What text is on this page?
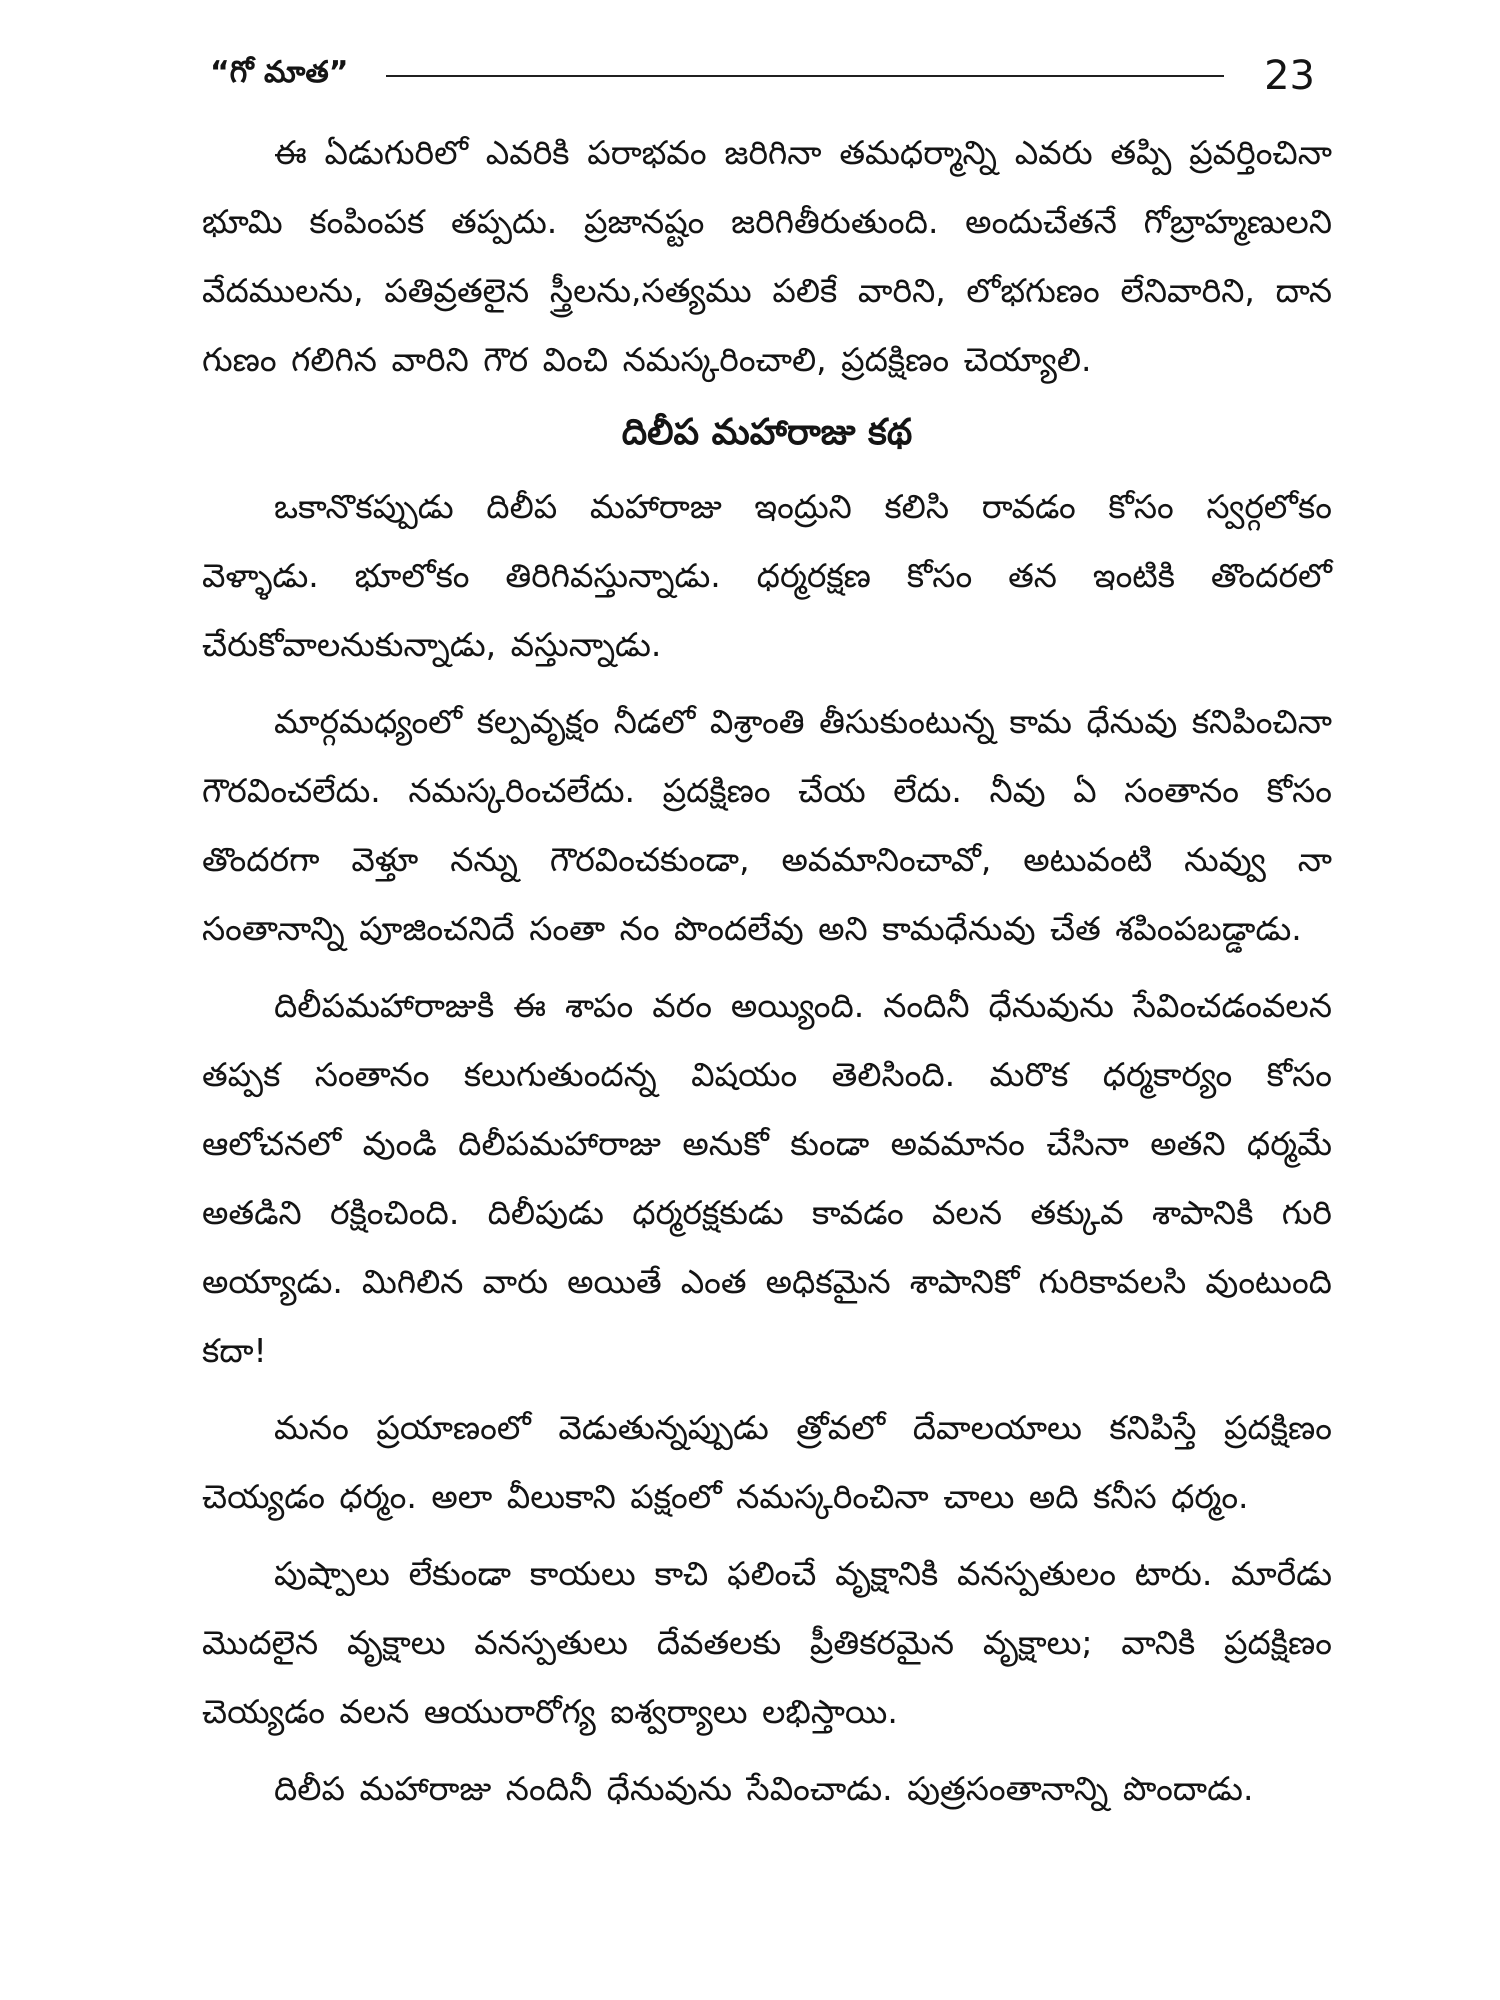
“గో మాత”	23

ఈ ఏడుగురిలో ఎవరికి పరాభవం జరిగినా తమధర్మాన్ని ఎవరు తప్పి ప్రవర్తించినా భూమి కంపింపక తప్పదు. ప్రజానష్టం జరిగితీరుతుంది. అందుచేతనే గోబ్రాహ్మణులని వేదములను, పతివ్రతలైన స్త్రీలను,సత్యము పలికే వారిని, లోభగుణం లేనివారిని, దాన గుణం గలిగిన వారిని గౌర వించి నమస్కరించాలి, ప్రదక్షిణం చెయ్యాలి.

దిలీప మహారాజు కథ

ఒకానొకప్పుడు దిలీప మహారాజు ఇంద్రుని కలిసి రావడం కోసం స్వర్గలోకం వెళ్ళాడు. భూలోకం తిరిగివస్తున్నాడు. ధర్మరక్షణ కోసం తన ఇంటికి తొందరలో చేరుకోవాలనుకున్నాడు, వస్తున్నాడు.

మార్గమధ్యంలో కల్పవృక్షం నీడలో విశ్రాంతి తీసుకుంటున్న కామ ధేనువు కనిపించినా గౌరవించలేదు. నమస్కరించలేదు. ప్రదక్షిణం చేయ లేదు. నీవు ఏ సంతానం కోసం తొందరగా వెళ్తూ నన్ను గౌరవించకుండా, అవమానించావో, అటువంటి నువ్వు నా సంతానాన్ని పూజించనిదే సంతా నం పొందలేవు అని కామధేనువు చేత శపింపబడ్డాడు.

దిలీపమహారాజుకి ఈ శాపం వరం అయ్యింది. నందినీ ధేనువును సేవించడంవలన తప్పక సంతానం కలుగుతుందన్న విషయం తెలిసింది. మరొక ధర్మకార్యం కోసం ఆలోచనలో వుండి దిలీపమహారాజు అనుకో కుండా అవమానం చేసినా అతని ధర్మమే అతడిని రక్షించింది. దిలీపుడు ధర్మరక్షకుడు కావడం వలన తక్కువ శాపానికి గురి అయ్యాడు. మిగిలిన వారు అయితే ఎంత అధికమైన శాపానికో గురికావలసి వుంటుంది కదా!

మనం ప్రయాణంలో వెడుతున్నప్పుడు త్రోవలో దేవాలయాలు కనిపిస్తే ప్రదక్షిణం చెయ్యడం ధర్మం. అలా వీలుకాని పక్షంలో నమస్కరించినా చాలు అది కనీస ధర్మం.

పుష్పాలు లేకుండా కాయలు కాచి ఫలించే వృక్షానికి వనస్పతులం టారు. మారేడు మొదలైన వృక్షాలు వనస్పతులు దేవతలకు ప్రీతికరమైన వృక్షాలు; వానికి ప్రదక్షిణం చెయ్యడం వలన ఆయురారోగ్య ఐశ్వర్యాలు లభిస్తాయి.

దిలీప మహారాజు నందినీ ధేనువును సేవించాడు. పుత్రసంతానాన్ని పొందాడు.
